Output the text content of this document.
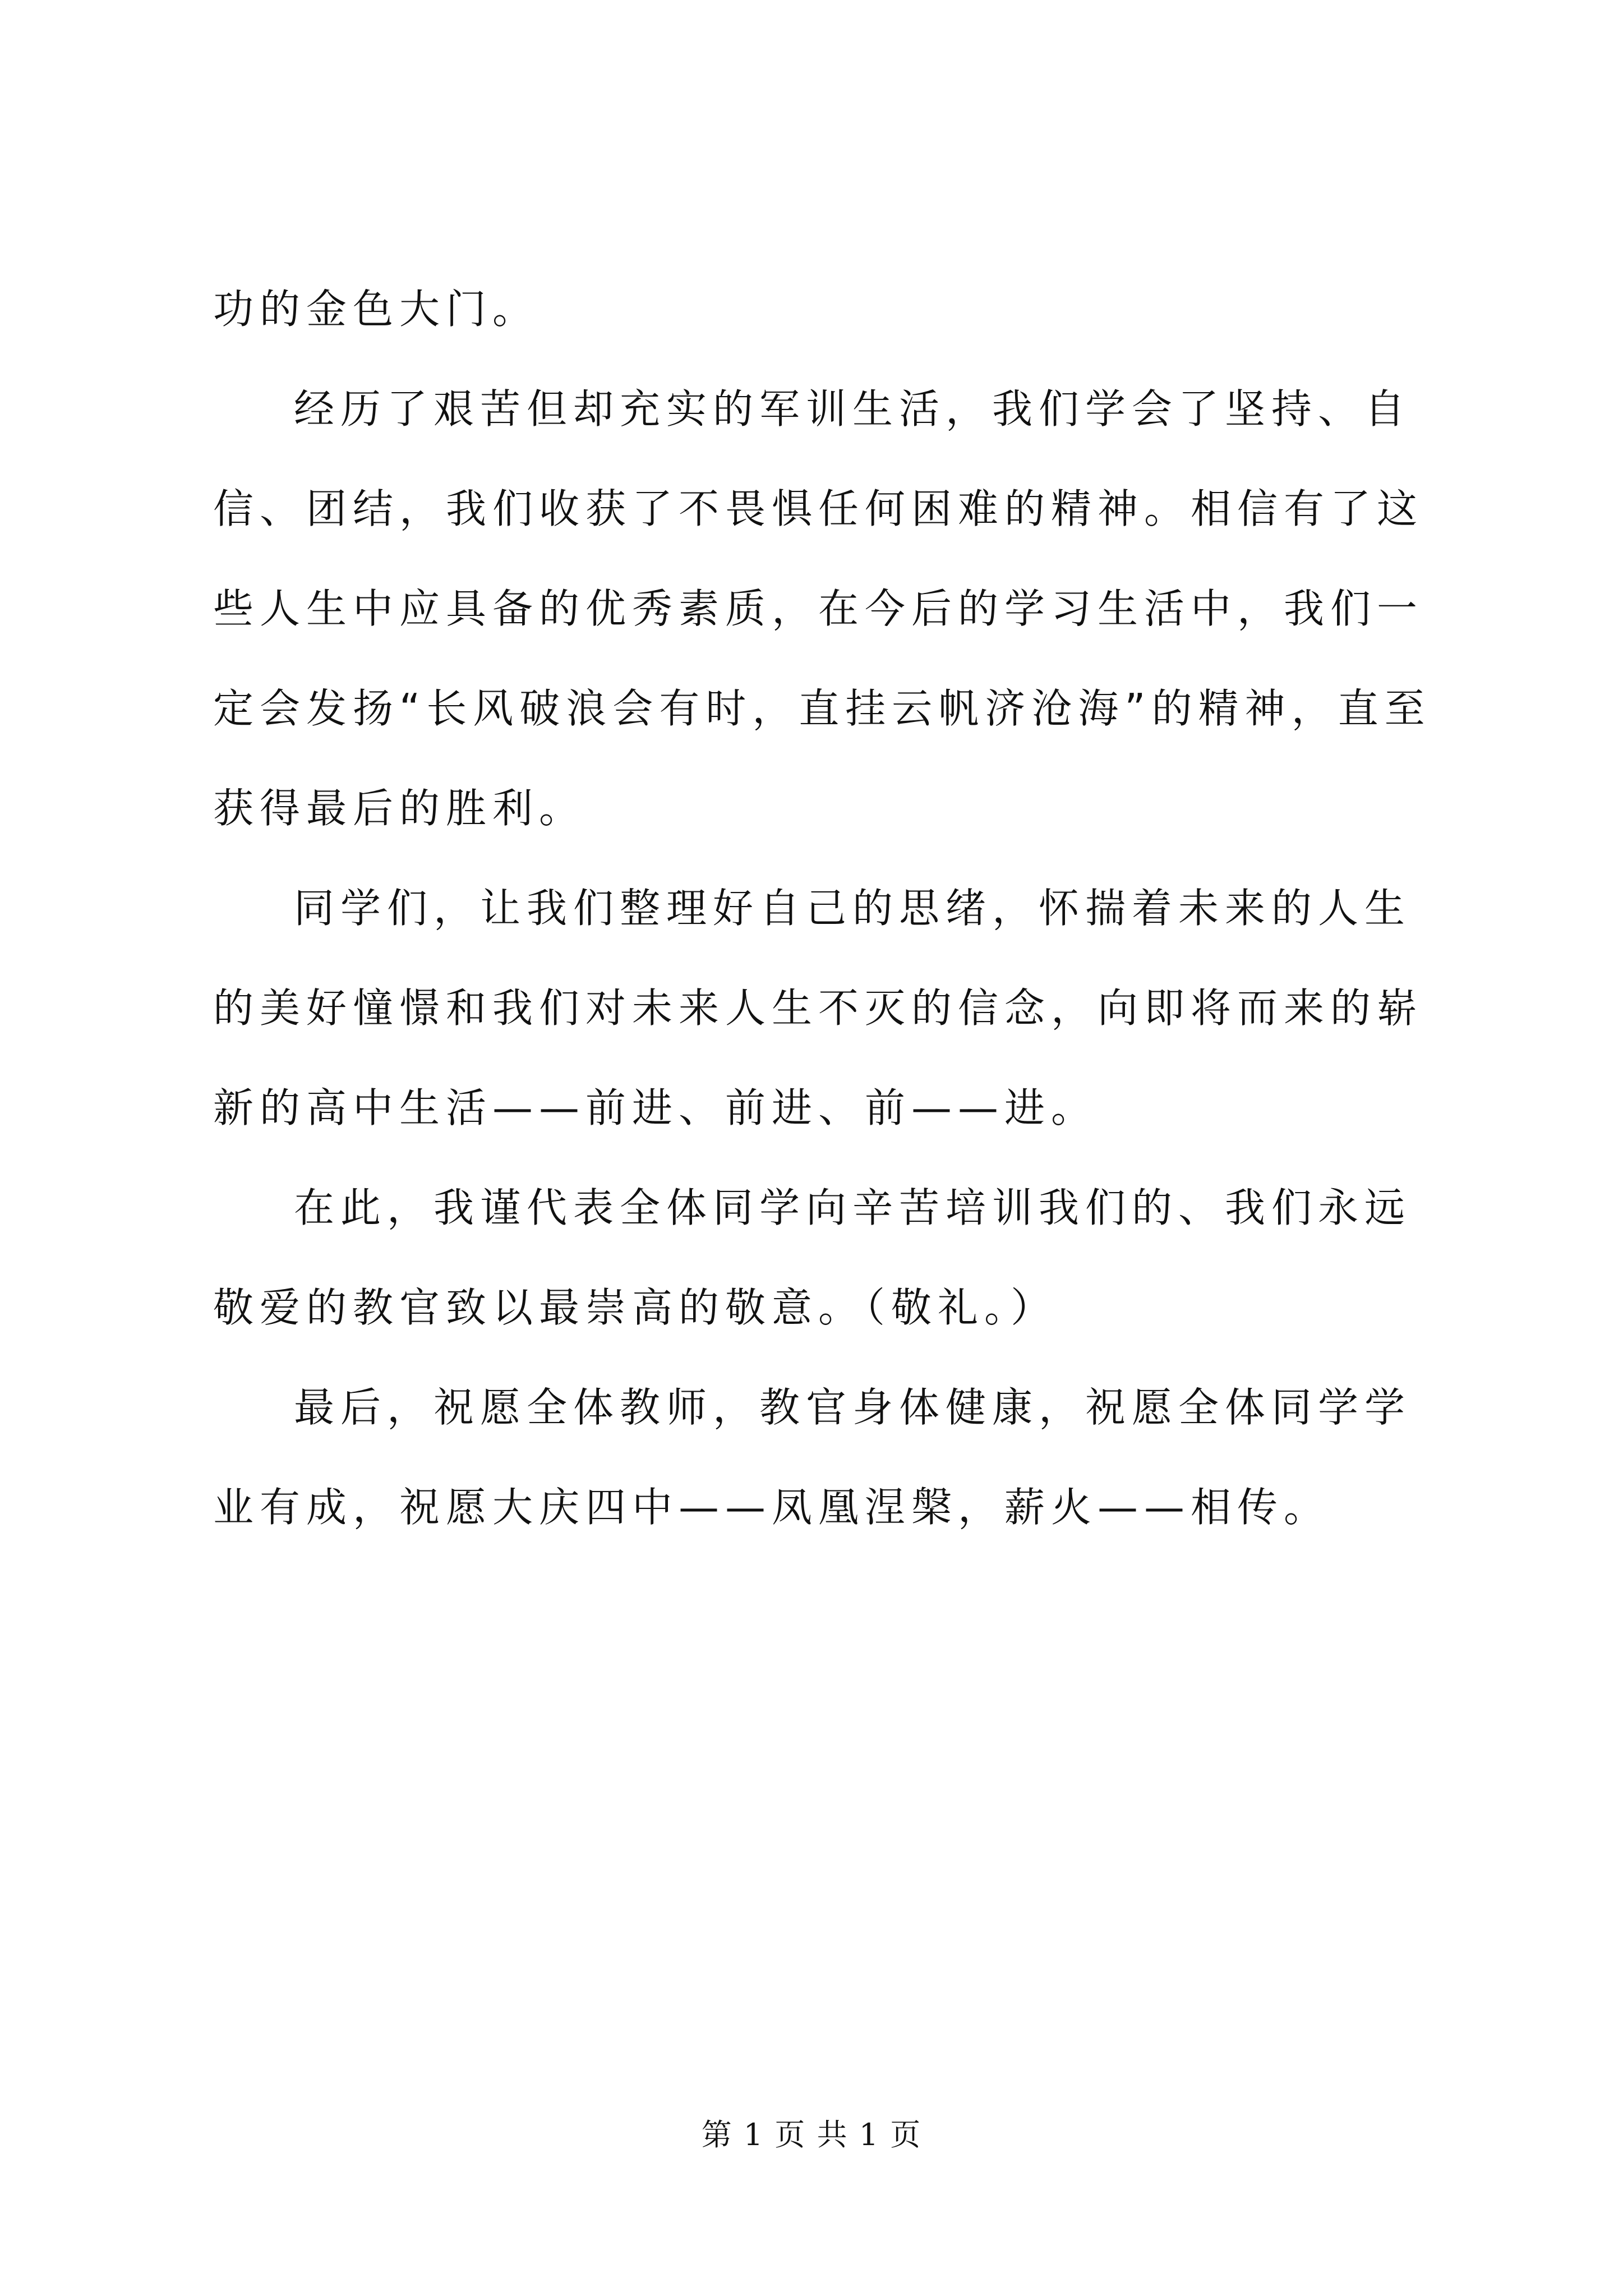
功的金色大门。

经历了艰苦但却充实的军训生活，我们学会了坚持、自信、团结，我们收获了不畏惧任何困难的精神。相信有了这些人生中应具备的优秀素质，在今后的学习生活中，我们一定会发扬“长风破浪会有时，直挂云帆济沧海”的精神，直至获得最后的胜利。

同学们，让我们整理好自己的思绪，怀揣着未来的人生的美好憧憬和我们对未来人生不灭的信念，向即将而来的崭新的高中生活——前进、前进、前——进。

在此，我谨代表全体同学向辛苦培训我们的、我们永远敬爱的教官致以最崇高的敬意。（敬礼。）

最后，祝愿全体教师，教官身体健康，祝愿全体同学学业有成，祝愿大庆四中——凤凰涅槃，薪火——相传。

第 1 页 共 1 页
